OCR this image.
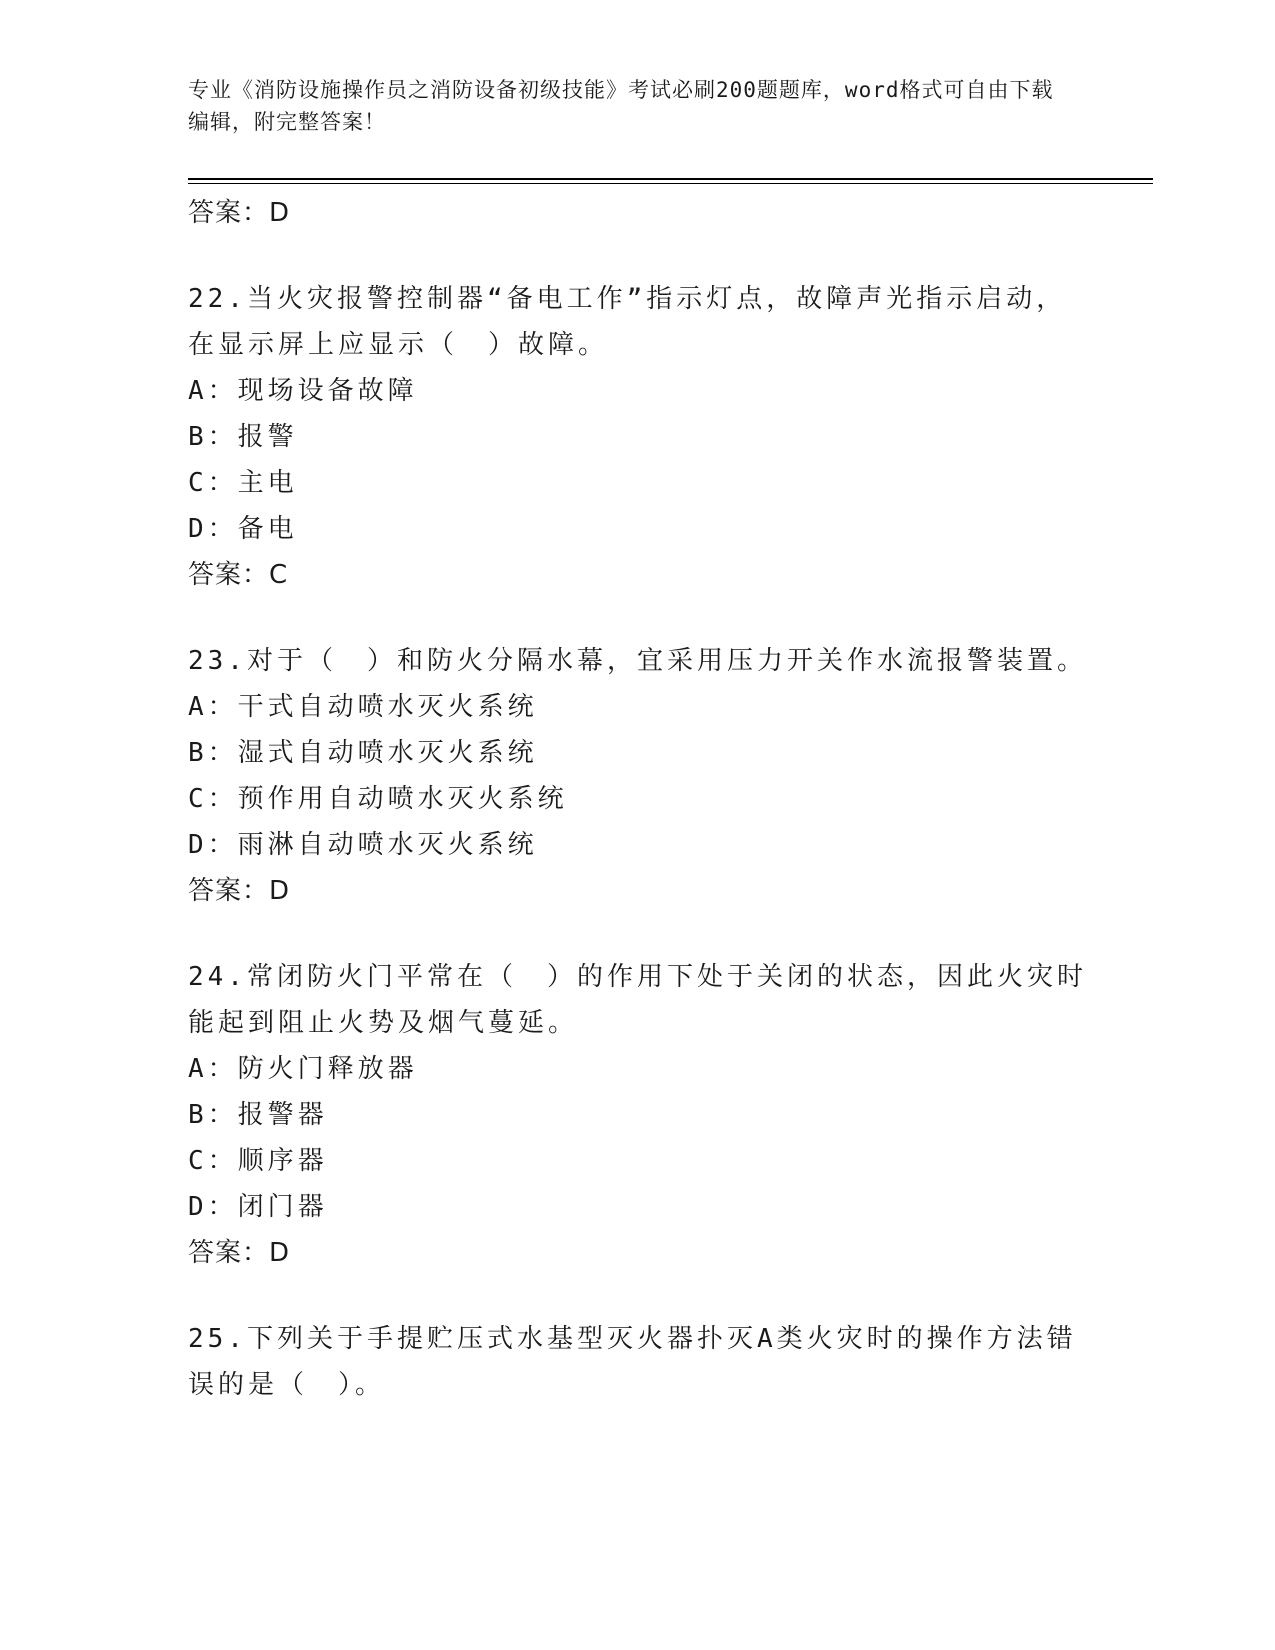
专业《消防设施操作员之消防设备初级技能》考试必刷200题题库，word格式可自由下载编辑，附完整答案！
答案：D
22.当火灾报警控制器“备电工作”指示灯点，故障声光指示启动，在显示屏上应显示（　）故障。
A：现场设备故障
B：报警
C：主电
D：备电
答案：C
23.对于（　）和防火分隔水幕，宜采用压力开关作水流报警装置。
A：干式自动喷水灭火系统
B：湿式自动喷水灭火系统
C：预作用自动喷水灭火系统
D：雨淋自动喷水灭火系统
答案：D
24.常闭防火门平常在（　）的作用下处于关闭的状态，因此火灾时能起到阻止火势及烟气蔓延。
A：防火门释放器
B：报警器
C：顺序器
D：闭门器
答案：D
25.下列关于手提贮压式水基型灭火器扑灭A类火灾时的操作方法错误的是（　）。
